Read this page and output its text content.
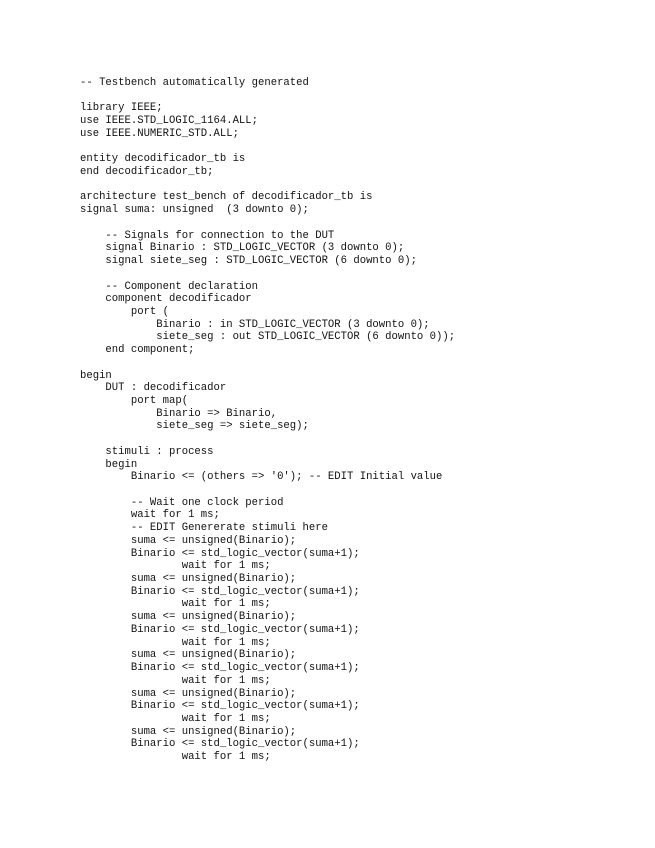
-- Testbench automatically generated
library IEEE;
use IEEE.STD_LOGIC_1164.ALL;
use IEEE.NUMERIC_STD.ALL;
entity decodificador_tb is
end decodificador_tb;
architecture test_bench of decodificador_tb is
signal suma: unsigned  (3 downto 0);
-- Signals for connection to the DUT
signal Binario : STD_LOGIC_VECTOR (3 downto 0);
signal siete_seg : STD_LOGIC_VECTOR (6 downto 0);
-- Component declaration
component decodificador
port (
Binario : in STD_LOGIC_VECTOR (3 downto 0);
siete_seg : out STD_LOGIC_VECTOR (6 downto 0));
end component;
begin
DUT : decodificador
port map(
Binario => Binario,
siete_seg => siete_seg);
stimuli : process
begin
Binario <= (others => '0'); -- EDIT Initial value
-- Wait one clock period
wait for 1 ms;
-- EDIT Genererate stimuli here
suma <= unsigned(Binario);
Binario <= std_logic_vector(suma+1);
wait for 1 ms;
suma <= unsigned(Binario);
Binario <= std_logic_vector(suma+1);
wait for 1 ms;
suma <= unsigned(Binario);
Binario <= std_logic_vector(suma+1);
wait for 1 ms;
suma <= unsigned(Binario);
Binario <= std_logic_vector(suma+1);
wait for 1 ms;
suma <= unsigned(Binario);
Binario <= std_logic_vector(suma+1);
wait for 1 ms;
suma <= unsigned(Binario);
Binario <= std_logic_vector(suma+1);
wait for 1 ms;
